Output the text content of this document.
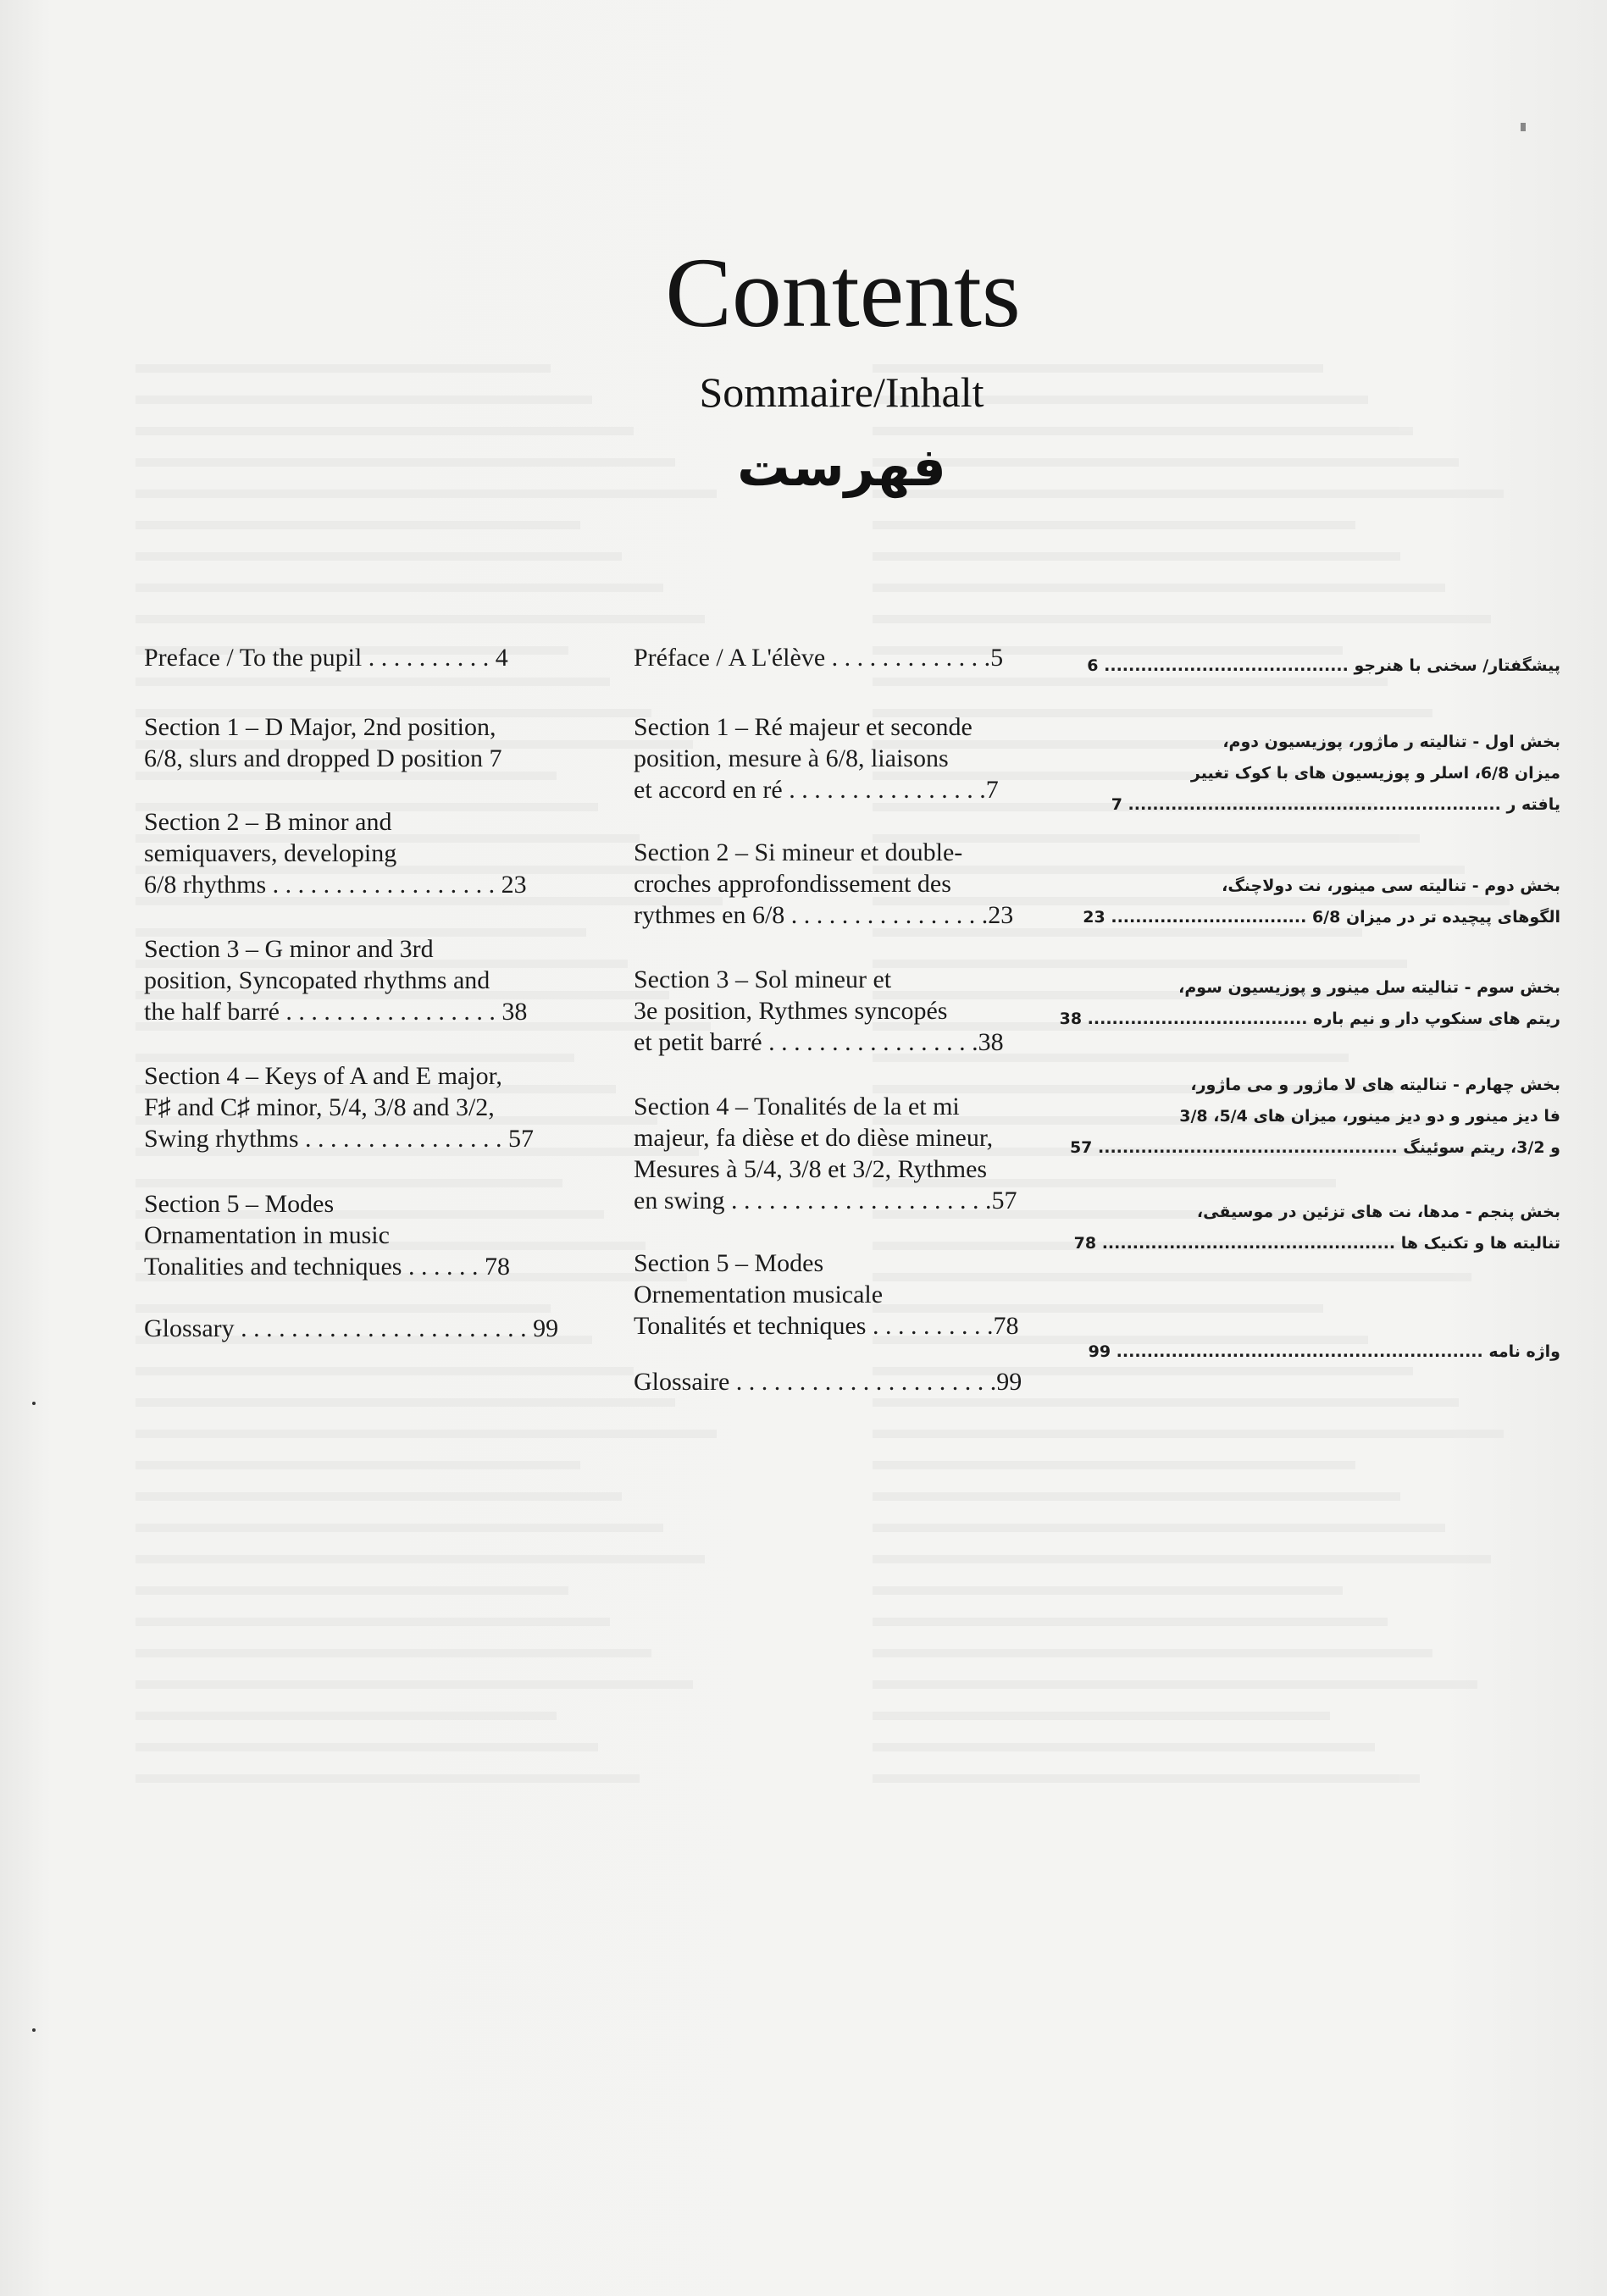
Contents
Sommaire/Inhalt
فهرست
Preface / To the pupil . . . . . . . . . . 4
Section 1 – D Major, 2nd position,
6/8, slurs and dropped D position 7
Section 2 – B minor and
semiquavers, developing
6/8 rhythms . . . . . . . . . . . . . . . . . . 23
Section 3 – G minor and 3rd
position, Syncopated rhythms and
the half barré . . . . . . . . . . . . . . . . . 38
Section 4 – Keys of A and E major,
F♯ and C♯ minor, 5/4, 3/8 and 3/2,
Swing rhythms . . . . . . . . . . . . . . . . 57
Section 5 – Modes
Ornamentation in music
Tonalities and techniques . . . . . . 78
Glossary . . . . . . . . . . . . . . . . . . . . . . . 99
Préface / A L'élève . . . . . . . . . . . . .5
Section 1 – Ré majeur et seconde
position, mesure à 6/8, liaisons
et accord en ré . . . . . . . . . . . . . . . .7
Section 2 – Si mineur et double-
croches approfondissement des
rythmes en 6/8 . . . . . . . . . . . . . . . .23
Section 3 – Sol mineur et
3e position, Rythmes syncopés
et petit barré . . . . . . . . . . . . . . . . .38
Section 4 – Tonalités de la et mi
majeur, fa dièse et do dièse mineur,
Mesures à 5/4, 3/8 et 3/2, Rythmes
en swing . . . . . . . . . . . . . . . . . . . . .57
Section 5 – Modes
Ornementation musicale
Tonalités et techniques . . . . . . . . . .78
Glossaire . . . . . . . . . . . . . . . . . . . . .99
پیشگفتار/ سخنی با هنرجو ........................................ 6
بخش اول - تنالیته ر ماژور، پوزیسیون دوم،
میزان 6/8، اسلر و پوزیسیون های با کوک تغییر
یافته ر ............................................................. 7
بخش دوم - تنالیته سی مینور، نت دولاچنگ،
الگوهای پیچیده تر در میزان 6/8 ................................ 23
بخش سوم - تنالیته سل مینور و پوزیسیون سوم،
ریتم های سنکوپ دار و نیم باره .................................... 38
بخش چهارم - تنالیته های لا ماژور و می ماژور،
فا دیز مینور و دو دیز مینور، میزان های 5/4، 3/8
و 3/2، ریتم سوئینگ ................................................. 57
بخش پنجم - مدها، نت های تزئین در موسیقی،
تنالیته ها و تکنیک ها ................................................ 78
واژه نامه ............................................................ 99
